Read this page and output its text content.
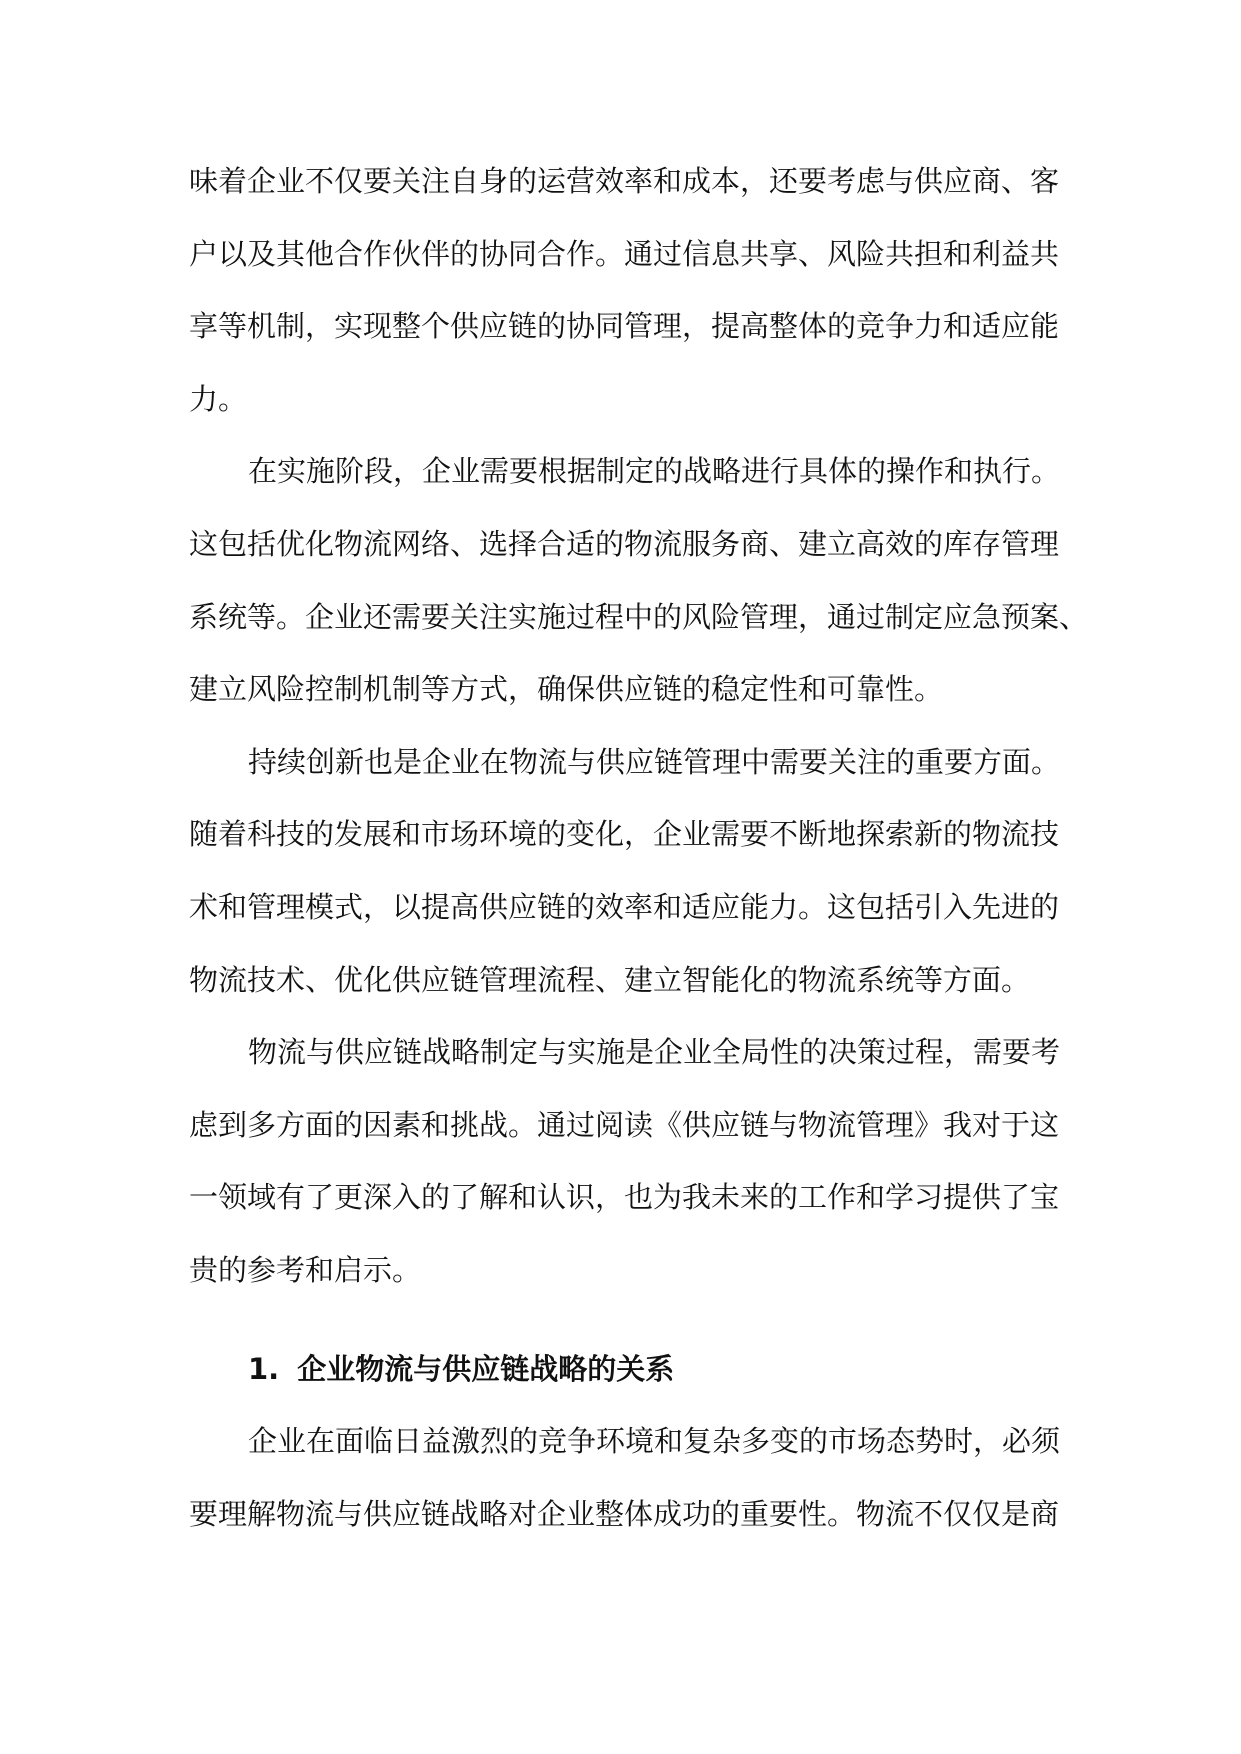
味着企业不仅要关注自身的运营效率和成本，还要考虑与供应商、客
户以及其他合作伙伴的协同合作。通过信息共享、风险共担和利益共
享等机制，实现整个供应链的协同管理，提高整体的竞争力和适应能
力。
在实施阶段，企业需要根据制定的战略进行具体的操作和执行。
这包括优化物流网络、选择合适的物流服务商、建立高效的库存管理
系统等。企业还需要关注实施过程中的风险管理，通过制定应急预案、
建立风险控制机制等方式，确保供应链的稳定性和可靠性。
持续创新也是企业在物流与供应链管理中需要关注的重要方面。
随着科技的发展和市场环境的变化，企业需要不断地探索新的物流技
术和管理模式，以提高供应链的效率和适应能力。这包括引入先进的
物流技术、优化供应链管理流程、建立智能化的物流系统等方面。
物流与供应链战略制定与实施是企业全局性的决策过程，需要考
虑到多方面的因素和挑战。通过阅读《供应链与物流管理》我对于这
一领域有了更深入的了解和认识，也为我未来的工作和学习提供了宝
贵的参考和启示。
1. 企业物流与供应链战略的关系
企业在面临日益激烈的竞争环境和复杂多变的市场态势时，必须
要理解物流与供应链战略对企业整体成功的重要性。物流不仅仅是商
